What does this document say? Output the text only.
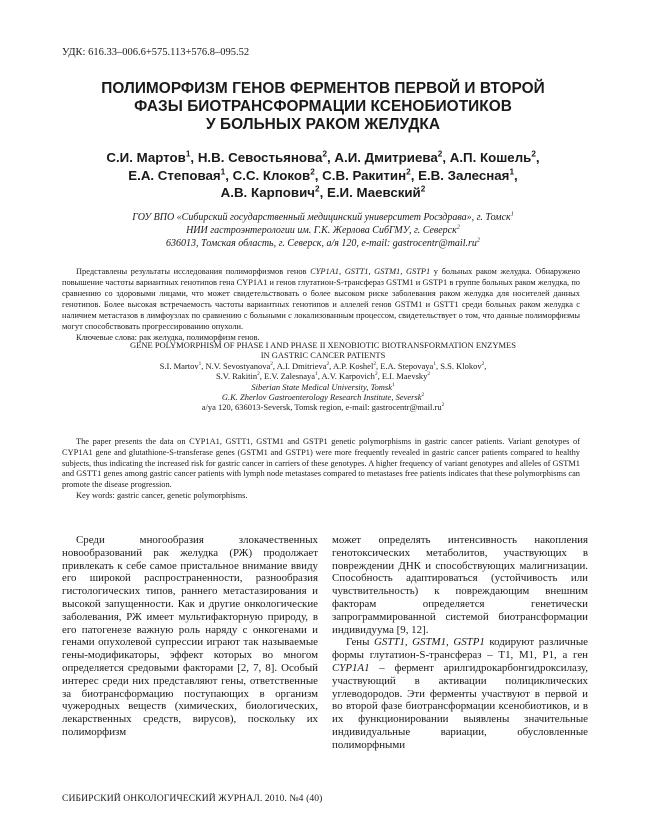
УДК: 616.33–006.6+575.113+576.8–095.52
ПОЛИМОРФИЗМ ГЕНОВ ФЕРМЕНТОВ ПЕРВОЙ И ВТОРОЙ
ФАЗЫ БИОТРАНСФОРМАЦИИ КСЕНОБИОТИКОВ
У БОЛЬНЫХ РАКОМ ЖЕЛУДКА
С.И. Мартов$^1$, Н.В. Севостьянова$^2$, А.И. Дмитриева$^2$, А.П. Кошель$^2$,
Е.А. Степовая$^1$, С.С. Клоков$^2$, С.В. Ракитин$^2$, Е.В. Залесная$^1$,
А.В. Карпович$^2$, Е.И. Маевский$^2$
ГОУ ВПО «Сибирский государственный медицинский университет Росздрава», г. Томск$^1$
НИИ гастроэнтерологии им. Г.К. Жерлова СибГМУ, г. Северск$^2$
636013, Томская область, г. Северск, а/я 120, e-mail: $gastrocentr@mail.ru^2$

Представлены результаты исследования полиморфизмов генов CYP1A1, GSTT1, GSTM1, GSTP1 у больных раком желудка. Обнаружено повышение частоты вариантных генотипов гена CYP1A1 и генов глутатион-S-трансфераз GSTM1 и GSTP1 в группе больных раком желудка, по сравнению со здоровыми лицами, что может свидетельствовать о более высоком риске заболевания раком желудка для носителей данных генотипов. Более высокая встречаемость частоты вариантных генотипов и аллелей генов GSTM1 и GSTT1 среди больных раком желудка с наличием метастазов в лимфоузлах по сравнению с больными с локализованным процессом, свидетельствует о том, что данные полиморфизмы могут способствовать прогрессированию опухоли.

Ключевые слова: рак желудка, полиморфизм генов.

GENE POLYMORPHISM OF PHASE I AND PHASE II XENOBIOTIC BIOTRANSFORMATION ENZYMES
IN GASTRIC CANCER PATIENTS
S.I. Martov$^1$, N.V. Sevostyanova$^2$, A.I. Dmitrieva$^2$, A.P. Koshel$^2$, E.A. Stepovaya$^1$, S.S. Klokov$^2$,
S.V. Rakitin$^2$, E.V. Zalesnaya$^1$, A.V. Karpovich$^2$, E.I. Maevsky$^2$
Siberian State Medical University, Tomsk$^1$
G.K. Zherlov Gastroenterology Research Institute, Seversk$^2$
a/ya 120, 636013-Seversk, Tomsk region, e-mail: $gastrocentr@mail.ru^2$

The paper presents the data on CYP1A1, GSTT1, GSTM1 and GSTP1 genetic polymorphisms in gastric cancer patients. Variant genotypes of CYP1A1 gene and glutathione-S-transferase genes (GSTM1 and GSTP1) were more frequently revealed in gastric cancer patients compared to healthy subjects, thus indicating the increased risk for gastric cancer in carriers of these genotypes. A higher frequency of variant genotypes and alleles of GSTM1 and GSTT1 genes among gastric cancer patients with lymph node metastases compared to metastases free patients indicates that these polymorphisms can promote the disease progression.

Key words: gastric cancer, genetic polymorphisms.

Среди многообразия злокачественных новообразований рак желудка (РЖ) продолжает привлекать к себе самое пристальное внимание ввиду его широкой распространенности, разнообразия гистологических типов, раннего метастазирования и высокой запущенности. Как и другие онкологические заболевания, РЖ имеет мультифакторную природу, в его патогенезе важную роль наряду с онкогенами и генами опухолевой супрессии играют так называемые гены-модификаторы, эффект которых во многом определяется средовыми факторами [2, 7, 8]. Особый интерес среди них представляют гены, ответственные за биотрансформацию поступающих в организм чужеродных веществ (химических, биологических, лекарственных средств, вирусов), поскольку их полиморфизм

может определять интенсивность накопления генотоксических метаболитов, участвующих в повреждении ДНК и способствующих малигнизации. Способность адаптироваться (устойчивость или чувствительность) к повреждающим внешним факторам определяется генетически запрограммированной системой биотрансформации индивидуума [9, 12].

Гены GSTT1, GSTM1, GSTP1 кодируют различные формы глутатион-S-трансфераз – Т1, М1, Р1, а ген CYP1A1 – фермент арилгидрокарбонгидроксилазу, участвующий в активации полициклических углеводородов. Эти ферменты участвуют в первой и во второй фазе биотрансформации ксенобиотиков, и в их функционировании выявлены значительные индивидуальные вариации, обусловленные полиморфными

СИБИРСКИЙ ОНКОЛОГИЧЕСКИЙ ЖУРНАЛ. 2010. №4 (40)
